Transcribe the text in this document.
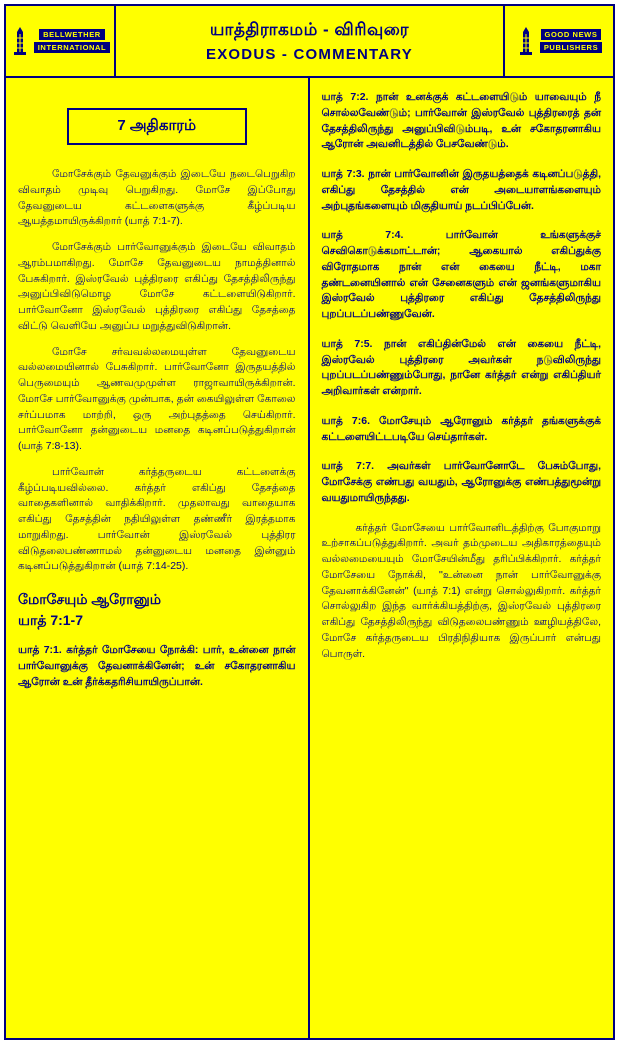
BELLWETHER
INTERNATIONAL
யாத்திராகமம் - விரிவுரை
EXODUS - COMMENTARY
GOOD NEWS
PUBLISHERS
7 அதிகாரம்

மோசேக்கும் தேவனுக்கும் இடையே நடைபெறுகிற விவாதம் முடிவு பெறுகிறது. மோசே இப்போது தேவனுடைய கட்டளைகளுக்கு கீழ்ப்படிய ஆயத்தமாயிருக்கிறார் (யாத் 7:1-7).

மோசேக்கும் பார்வோனுக்கும் இடையே விவாதம் ஆரம்பமாகிறது. மோசே தேவனுடைய நாமத்தினால் பேசுகிறார். இஸ்ரவேல் புத்திரரை எகிப்து தேசத்திலிருந்து அனுப்பிவிடுமொழ மோசே கட்டளையிடுகிறார். பார்வோனோ இஸ்ரவேல் புத்திரரை எகிப்து தேசத்தை விட்டு வெளியே அனுப்ப மறுத்துவிடுகிறான்.

மோசே சர்வவல்லமையுள்ள தேவனுடைய வல்லமையினால் பேசுகிறார். பார்வோனோ இருதயத்தில் பெருமையும் ஆணவமுமுள்ள ராஜாவாயிருக்கிறான். மோசே பார்வோனுக்கு முன்பாக, தன் கையிலுள்ள கோலை சர்ப்பமாக மாற்றி, ஒரு அற்புதத்தை செய்கிறார். பார்வோனோ தன்னுடைய மனதை கடினப்படுத்துகிறான் (யாத் 7:8-13).

பார்வோன் கர்த்தருடைய கட்டளைக்கு கீழ்ப்படியவில்லை. கர்த்தர் எகிப்து தேசத்தை வாதைகளினால் வாதிக்கிறார். முதலாவது வாதையாக எகிப்து தேசத்தின் நதியிலுள்ள தண்ணீர் இரத்தமாக மாறுகிறது. பார்வோன் இஸ்ரவேல் புத்திரர விடுதலைபண்ணாமல் தன்னுடைய மனதை இன்னும் கடினப்படுத்துகிறான் (யாத் 7:14-25).

மோசேயும் ஆரோனும்
யாத் 7:1-7

யாத் 7:1. கர்த்தர் மோசேயை நோக்கி: பார், உன்னை நான் பார்வோனுக்கு தேவனாக்கினேன்; உன் சகோதரனாகிய ஆரோன் உன் தீர்க்கதரிசியாயிருப்பான்.

யாத் 7:2. நான் உனக்குக் கட்டளையிடும் யாவையும் நீ சொல்லவேண்டும்; பார்வோன் இஸ்ரவேல் புத்திரரைத் தன் தேசத்திலிருந்து அனுப்பிவிடும்படி, உன் சகோதரனாகிய ஆரோன் அவனிடத்தில் பேசவேண்டும்.

யாத் 7:3. நான் பார்வோனின் இருதயத்தைக் கடினப்படுத்தி, எகிப்து தேசத்தில் என் அடையாளங்களையும் அற்புதங்களையும் மிகுதியாய் நடப்பிப்பேன்.

யாத் 7:4. பார்வோன் உங்களுக்குச் செவிகொடுக்கமாட்டான்; ஆகையால் எகிப்துக்கு விரோதமாக நான் என் கையை நீட்டி, மகா தண்டனையினால் என் சேனைகளும் என் ஜனங்களுமாகிய இஸ்ரவேல் புத்திரரை எகிப்து தேசத்திலிருந்து புறப்படப்பண்ணுவேன்.

யாத் 7:5. நான் எகிப்தின்மேல் என் கையை நீட்டி, இஸ்ரவேல் புத்திரரை அவர்கள் நடுவிலிருந்து புறப்படப்பண்ணும்போது, நானே கர்த்தர் என்று எகிப்தியர் அறிவார்கள் என்றார்.

யாத் 7:6. மோசேயும் ஆரோனும் கர்த்தர் தங்களுக்குக் கட்டளையிட்டபடியே செய்தார்கள்.

யாத் 7:7. அவர்கள் பார்வோனோடே பேசும்போது, மோசேக்கு எண்பது வயதும், ஆரோனுக்கு எண்பத்துமூன்று வயதுமாயிருந்தது.

கர்த்தர் மோசேயை பார்வோனிடத்திற்கு போகுமாறு உற்சாகப்படுத்துகிறார். அவர் தம்முடைய அதிகாரத்தையும் வல்லமையையும் மோசேயின்மீது தரிப்பிக்கிறார். கர்த்தர் மோசேயை நோக்கி, ''உன்னை நான் பார்வோனுக்கு தேவனாக்கினேன்'' (யாத் 7:1) என்று சொல்லுகிறார். கர்த்தர் சொல்லுகிற இந்த வார்க்கியத்திற்கு, இஸ்ரவேல் புத்திரரை எகிப்து தேசத்திலிருந்து விடுதலைபண்ணும் ஊழியத்திலே, மோசே கர்த்தருடைய பிரதிநிதியாக இருப்பார் என்பது பொருள்.
